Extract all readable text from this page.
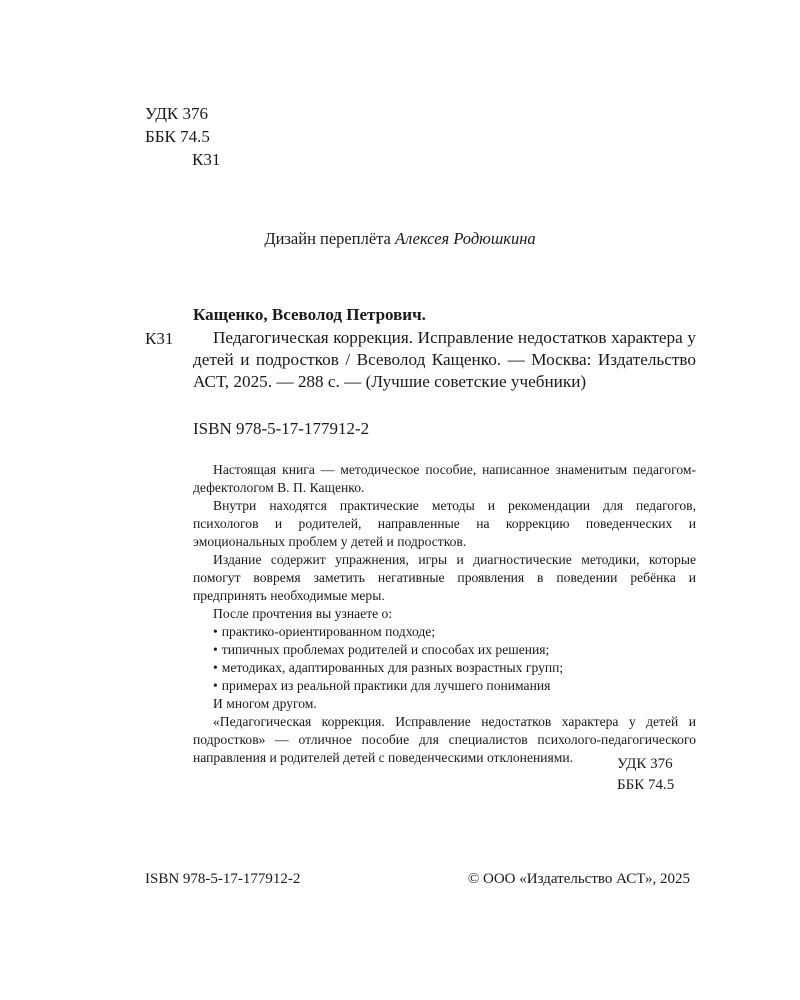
УДК 376
ББК 74.5
К31
Дизайн переплёта Алексея Родюшкина
Кащенко, Всеволод Петрович.
К31	Педагогическая коррекция. Исправление недостатков характера у детей и подростков / Всеволод Кащенко. — Москва: Издательство АСТ, 2025. — 288 с. — (Лучшие советские учебники)

ISBN 978-5-17-177912-2

Настоящая книга — методическое пособие, написанное знаменитым педагогом-дефектологом В. П. Кащенко.

Внутри находятся практические методы и рекомендации для педагогов, психологов и родителей, направленные на коррекцию поведенческих и эмоциональных проблем у детей и подростков.

Издание содержит упражнения, игры и диагностические методики, которые помогут вовремя заметить негативные проявления в поведении ребёнка и предпринять необходимые меры.

После прочтения вы узнаете о:

• практико-ориентированном подходе;
• типичных проблемах родителей и способах их решения;
• методиках, адаптированных для разных возрастных групп;
• примерах из реальной практики для лучшего понимания

И многом другом.

«Педагогическая коррекция. Исправление недостатков характера у детей и подростков» — отличное пособие для специалистов психолого-педагогического направления и родителей детей с поведенческими отклонениями.	УДК 376
ББК 74.5
ISBN 978-5-17-177912-2	© ООО «Издательство АСТ», 2025
